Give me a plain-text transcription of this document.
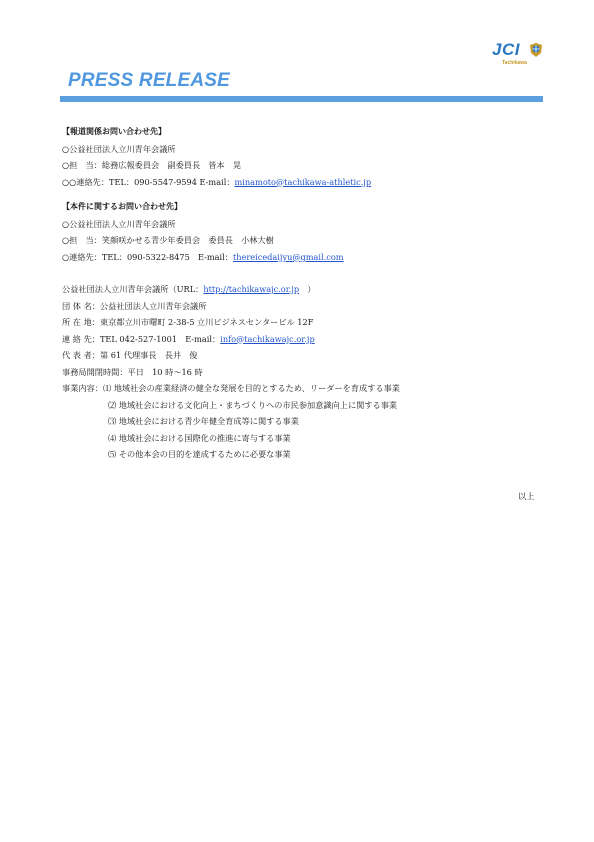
JCI
Tachikawa
PRESS RELEASE
【報道関係お問い合わせ先】
○公益社団法人立川青年会議所
○担　当：総務広報委員会　副委員長　皆本　晃
○○連絡先：TEL：090-5547-9594 E-mail：minamoto@tachikawa-athletic.jp
【本件に関するお問い合わせ先】
○公益社団法人立川青年会議所
○担　当：笑顔咲かせる青少年委員会　委員長　小林大樹
○連絡先：TEL：090-5322-8475　E-mail：thereicedaijyu@gmail.com
公益社団法人立川青年会議所（URL：http://tachikawajc.or.jp　）
団 体 名：公益社団法人立川青年会議所
所 在 地：東京都立川市曙町 2-38-5 立川ビジネスセンタービル 12F
連 絡 先：TEL 042-527-1001　E-mail：info@tachikawajc.or.jp
代 表 者：第 61 代理事長　長井　俊
事務局開閉時間：平日　10 時～16 時
事業内容：⑴ 地域社会の産業経済の健全な発展を目的とするため、リーダーを育成する事業
⑵ 地域社会における文化向上・まちづくりへの市民参加意識向上に関する事業
⑶ 地域社会における青少年健全育成等に関する事業
⑷ 地域社会における国際化の推進に寄与する事業
⑸ その他本会の目的を達成するために必要な事業
以上
